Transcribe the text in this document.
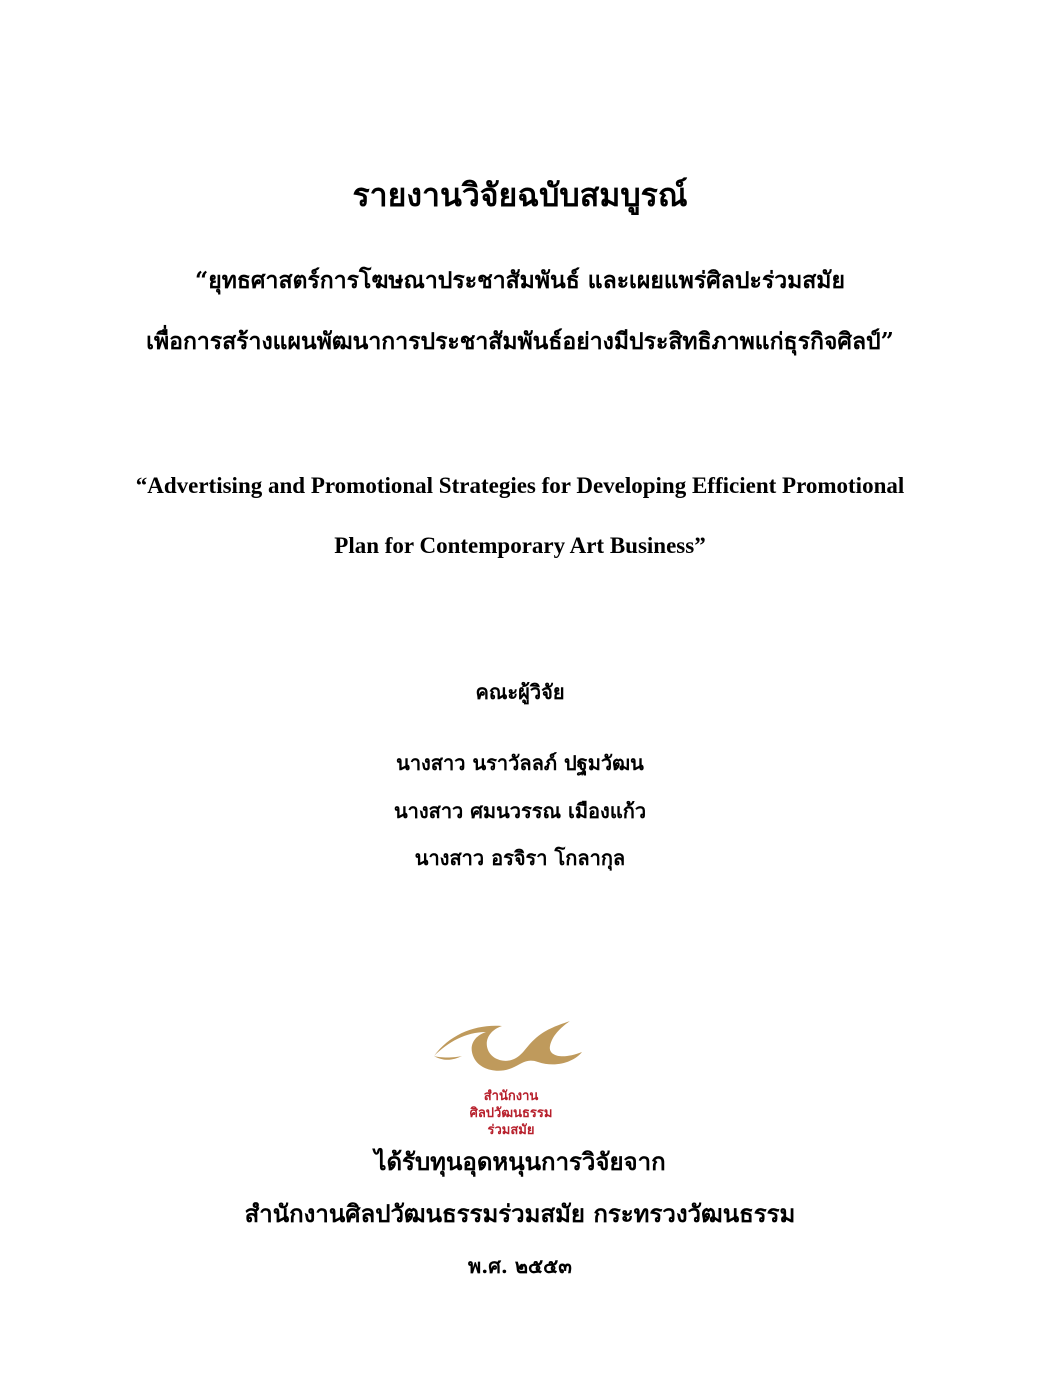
รายงานวิจัยฉบับสมบูรณ์
“ยุทธศาสตร์การโฆษณาประชาสัมพันธ์ และเผยแพร่ศิลปะร่วมสมัย
เพื่อการสร้างแผนพัฒนาการประชาสัมพันธ์อย่างมีประสิทธิภาพแก่ธุรกิจศิลป์”
“Advertising and Promotional Strategies for Developing Efficient Promotional
Plan for Contemporary Art Business”
คณะผู้วิจัย
นางสาว นราวัลลภ์ ปฐมวัฒน
นางสาว ศมนวรรณ เมืองแก้ว
นางสาว อรจิรา โกลากุล
สำนักงาน
ศิลปวัฒนธรรม
ร่วมสมัย
ได้รับทุนอุดหนุนการวิจัยจาก
สำนักงานศิลปวัฒนธรรมร่วมสมัย กระทรวงวัฒนธรรม
พ.ศ. ๒๕๕๓
